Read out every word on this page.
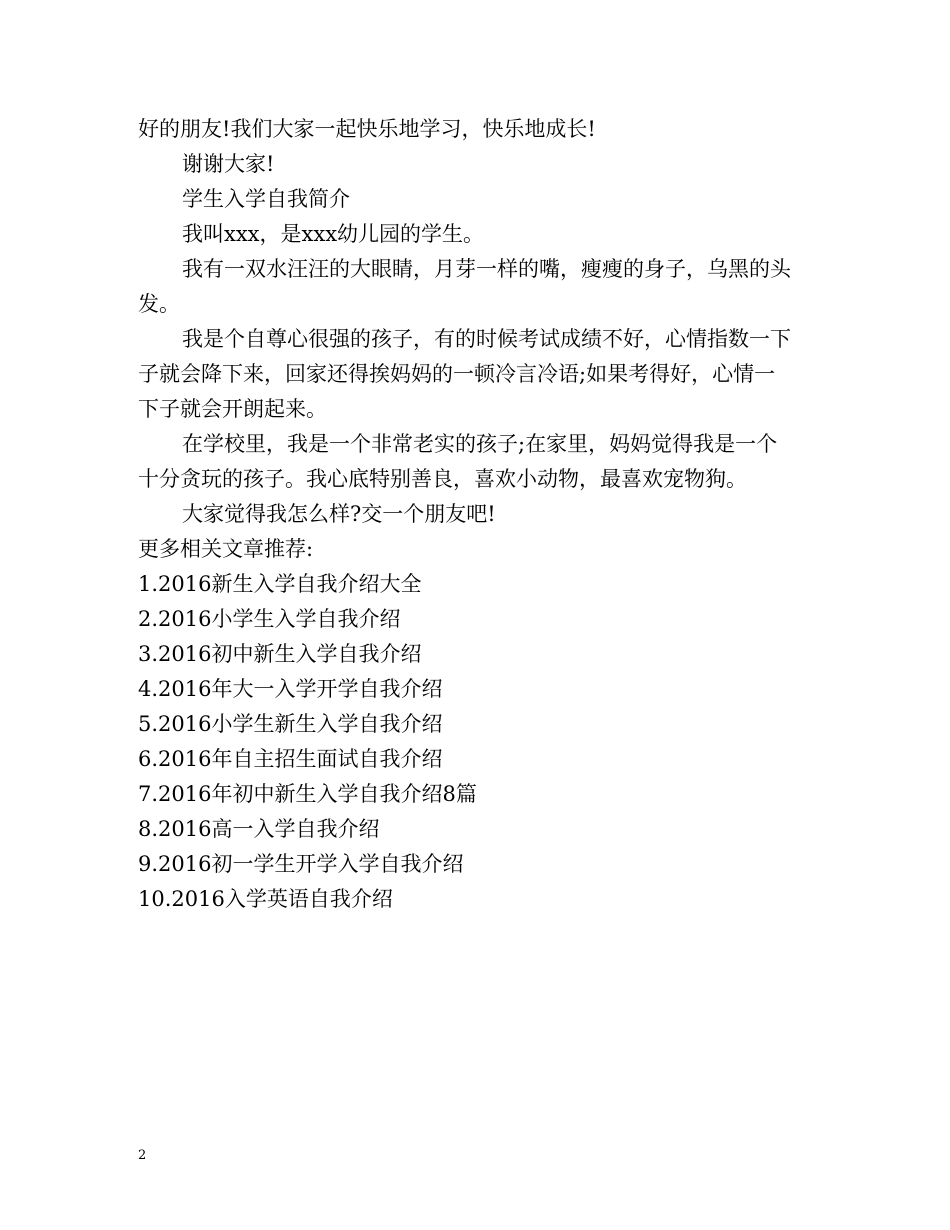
好的朋友!我们大家一起快乐地学习，快乐地成长!
谢谢大家!
学生入学自我简介
我叫xxx，是xxx幼儿园的学生。
我有一双水汪汪的大眼睛，月芽一样的嘴，瘦瘦的身子，乌黑的头
发。
我是个自尊心很强的孩子，有的时候考试成绩不好，心情指数一下
子就会降下来，回家还得挨妈妈的一顿冷言冷语;如果考得好，心情一
下子就会开朗起来。
在学校里，我是一个非常老实的孩子;在家里，妈妈觉得我是一个
十分贪玩的孩子。我心底特别善良，喜欢小动物，最喜欢宠物狗。
大家觉得我怎么样?交一个朋友吧!
更多相关文章推荐:
1.2016新生入学自我介绍大全
2.2016小学生入学自我介绍
3.2016初中新生入学自我介绍
4.2016年大一入学开学自我介绍
5.2016小学生新生入学自我介绍
6.2016年自主招生面试自我介绍
7.2016年初中新生入学自我介绍8篇
8.2016高一入学自我介绍
9.2016初一学生开学入学自我介绍
10.2016入学英语自我介绍
2
